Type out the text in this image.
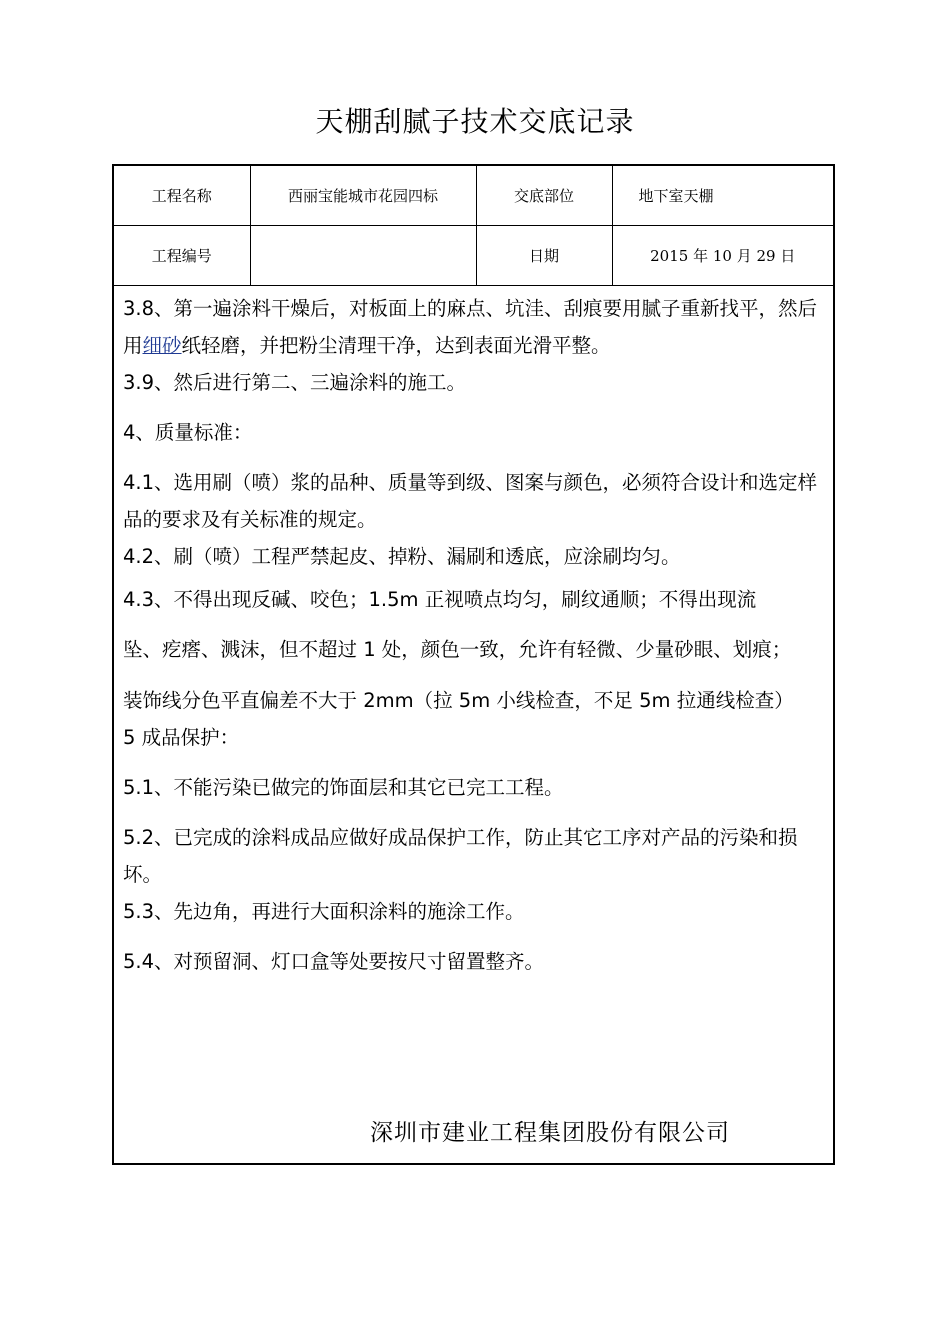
天棚刮腻子技术交底记录
工程名称	西丽宝能城市花园四标	交底部位	地下室天棚
工程编号		日期	2015 年 10 月 29 日

3.8、第一遍涂料干燥后，对板面上的麻点、坑洼、刮痕要用腻子重新找平，然后用细砂纸轻磨，并把粉尘清理干净，达到表面光滑平整。

3.9、然后进行第二、三遍涂料的施工。

4、质量标准：

4.1、选用刷（喷）浆的品种、质量等到级、图案与颜色，必须符合设计和选定样品的要求及有关标准的规定。

4.2、刷（喷）工程严禁起皮、掉粉、漏刷和透底，应涂刷均匀。

4.3、不得出现反碱、咬色；1.5m 正视喷点均匀，刷纹通顺；不得出现流

坠、疙瘩、溅沫，但不超过 1 处，颜色一致，允许有轻微、少量砂眼、划痕；

装饰线分色平直偏差不大于 2mm（拉 5m 小线检查，不足 5m 拉通线检查）

5 成品保护：

5.1、不能污染已做完的饰面层和其它已完工工程。

5.2、已完成的涂料成品应做好成品保护工作，防止其它工序对产品的污染和损坏。

5.3、先边角，再进行大面积涂料的施涂工作。

5.4、对预留洞、灯口盒等处要按尺寸留置整齐。

深圳市建业工程集团股份有限公司
